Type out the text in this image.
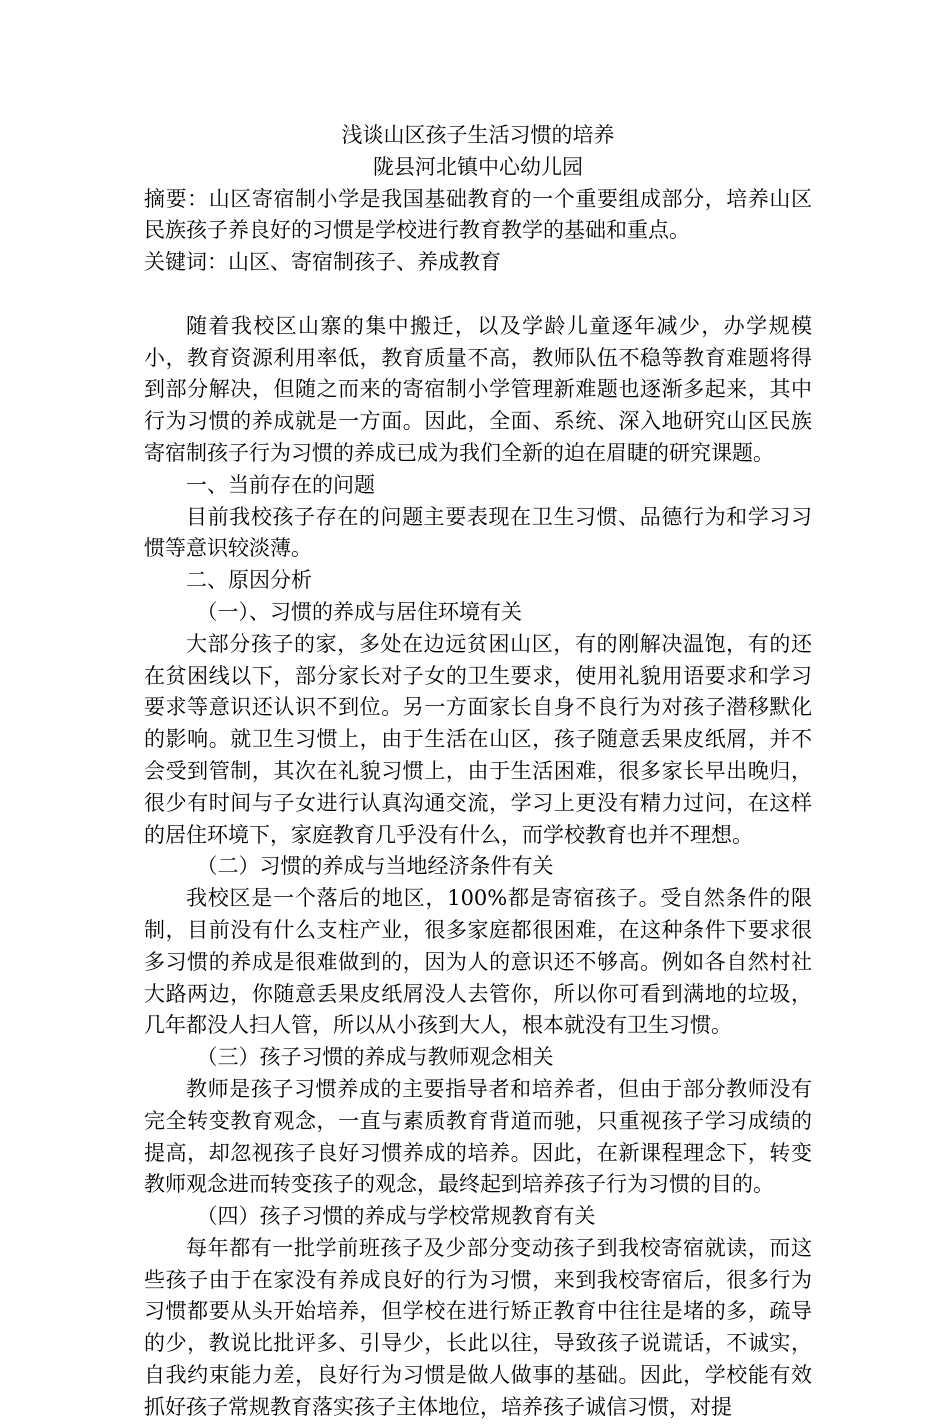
浅谈山区孩子生活习惯的培养
陇县河北镇中心幼儿园
摘要：山区寄宿制小学是我国基础教育的一个重要组成部分，培养山区民族孩子养良好的习惯是学校进行教育教学的基础和重点。
关键词：山区、寄宿制孩子、养成教育
随着我校区山寨的集中搬迁，以及学龄儿童逐年减少，办学规模小，教育资源利用率低，教育质量不高，教师队伍不稳等教育难题将得到部分解决，但随之而来的寄宿制小学管理新难题也逐渐多起来，其中行为习惯的养成就是一方面。因此，全面、系统、深入地研究山区民族寄宿制孩子行为习惯的养成已成为我们全新的迫在眉睫的研究课题。
一、当前存在的问题
目前我校孩子存在的问题主要表现在卫生习惯、品德行为和学习习惯等意识较淡薄。
二、原因分析
（一）、习惯的养成与居住环境有关
大部分孩子的家，多处在边远贫困山区，有的刚解决温饱，有的还在贫困线以下，部分家长对子女的卫生要求，使用礼貌用语要求和学习要求等意识还认识不到位。另一方面家长自身不良行为对孩子潜移默化的影响。就卫生习惯上，由于生活在山区，孩子随意丢果皮纸屑，并不会受到管制，其次在礼貌习惯上，由于生活困难，很多家长早出晚归，很少有时间与子女进行认真沟通交流，学习上更没有精力过问，在这样的居住环境下，家庭教育几乎没有什么，而学校教育也并不理想。
（二）习惯的养成与当地经济条件有关
我校区是一个落后的地区，100%都是寄宿孩子。受自然条件的限制，目前没有什么支柱产业，很多家庭都很困难，在这种条件下要求很多习惯的养成是很难做到的，因为人的意识还不够高。例如各自然村社大路两边，你随意丢果皮纸屑没人去管你，所以你可看到满地的垃圾，几年都没人扫人管，所以从小孩到大人，根本就没有卫生习惯。
（三）孩子习惯的养成与教师观念相关
教师是孩子习惯养成的主要指导者和培养者，但由于部分教师没有完全转变教育观念，一直与素质教育背道而驰，只重视孩子学习成绩的提高，却忽视孩子良好习惯养成的培养。因此，在新课程理念下，转变教师观念进而转变孩子的观念，最终起到培养孩子行为习惯的目的。
（四）孩子习惯的养成与学校常规教育有关
每年都有一批学前班孩子及少部分变动孩子到我校寄宿就读，而这些孩子由于在家没有养成良好的行为习惯，来到我校寄宿后，很多行为习惯都要从头开始培养，但学校在进行矫正教育中往往是堵的多，疏导的少，教说比批评多、引导少，长此以往，导致孩子说谎话，不诚实，自我约束能力差，良好行为习惯是做人做事的基础。因此，学校能有效抓好孩子常规教育落实孩子主体地位，培养孩子诚信习惯，对提
